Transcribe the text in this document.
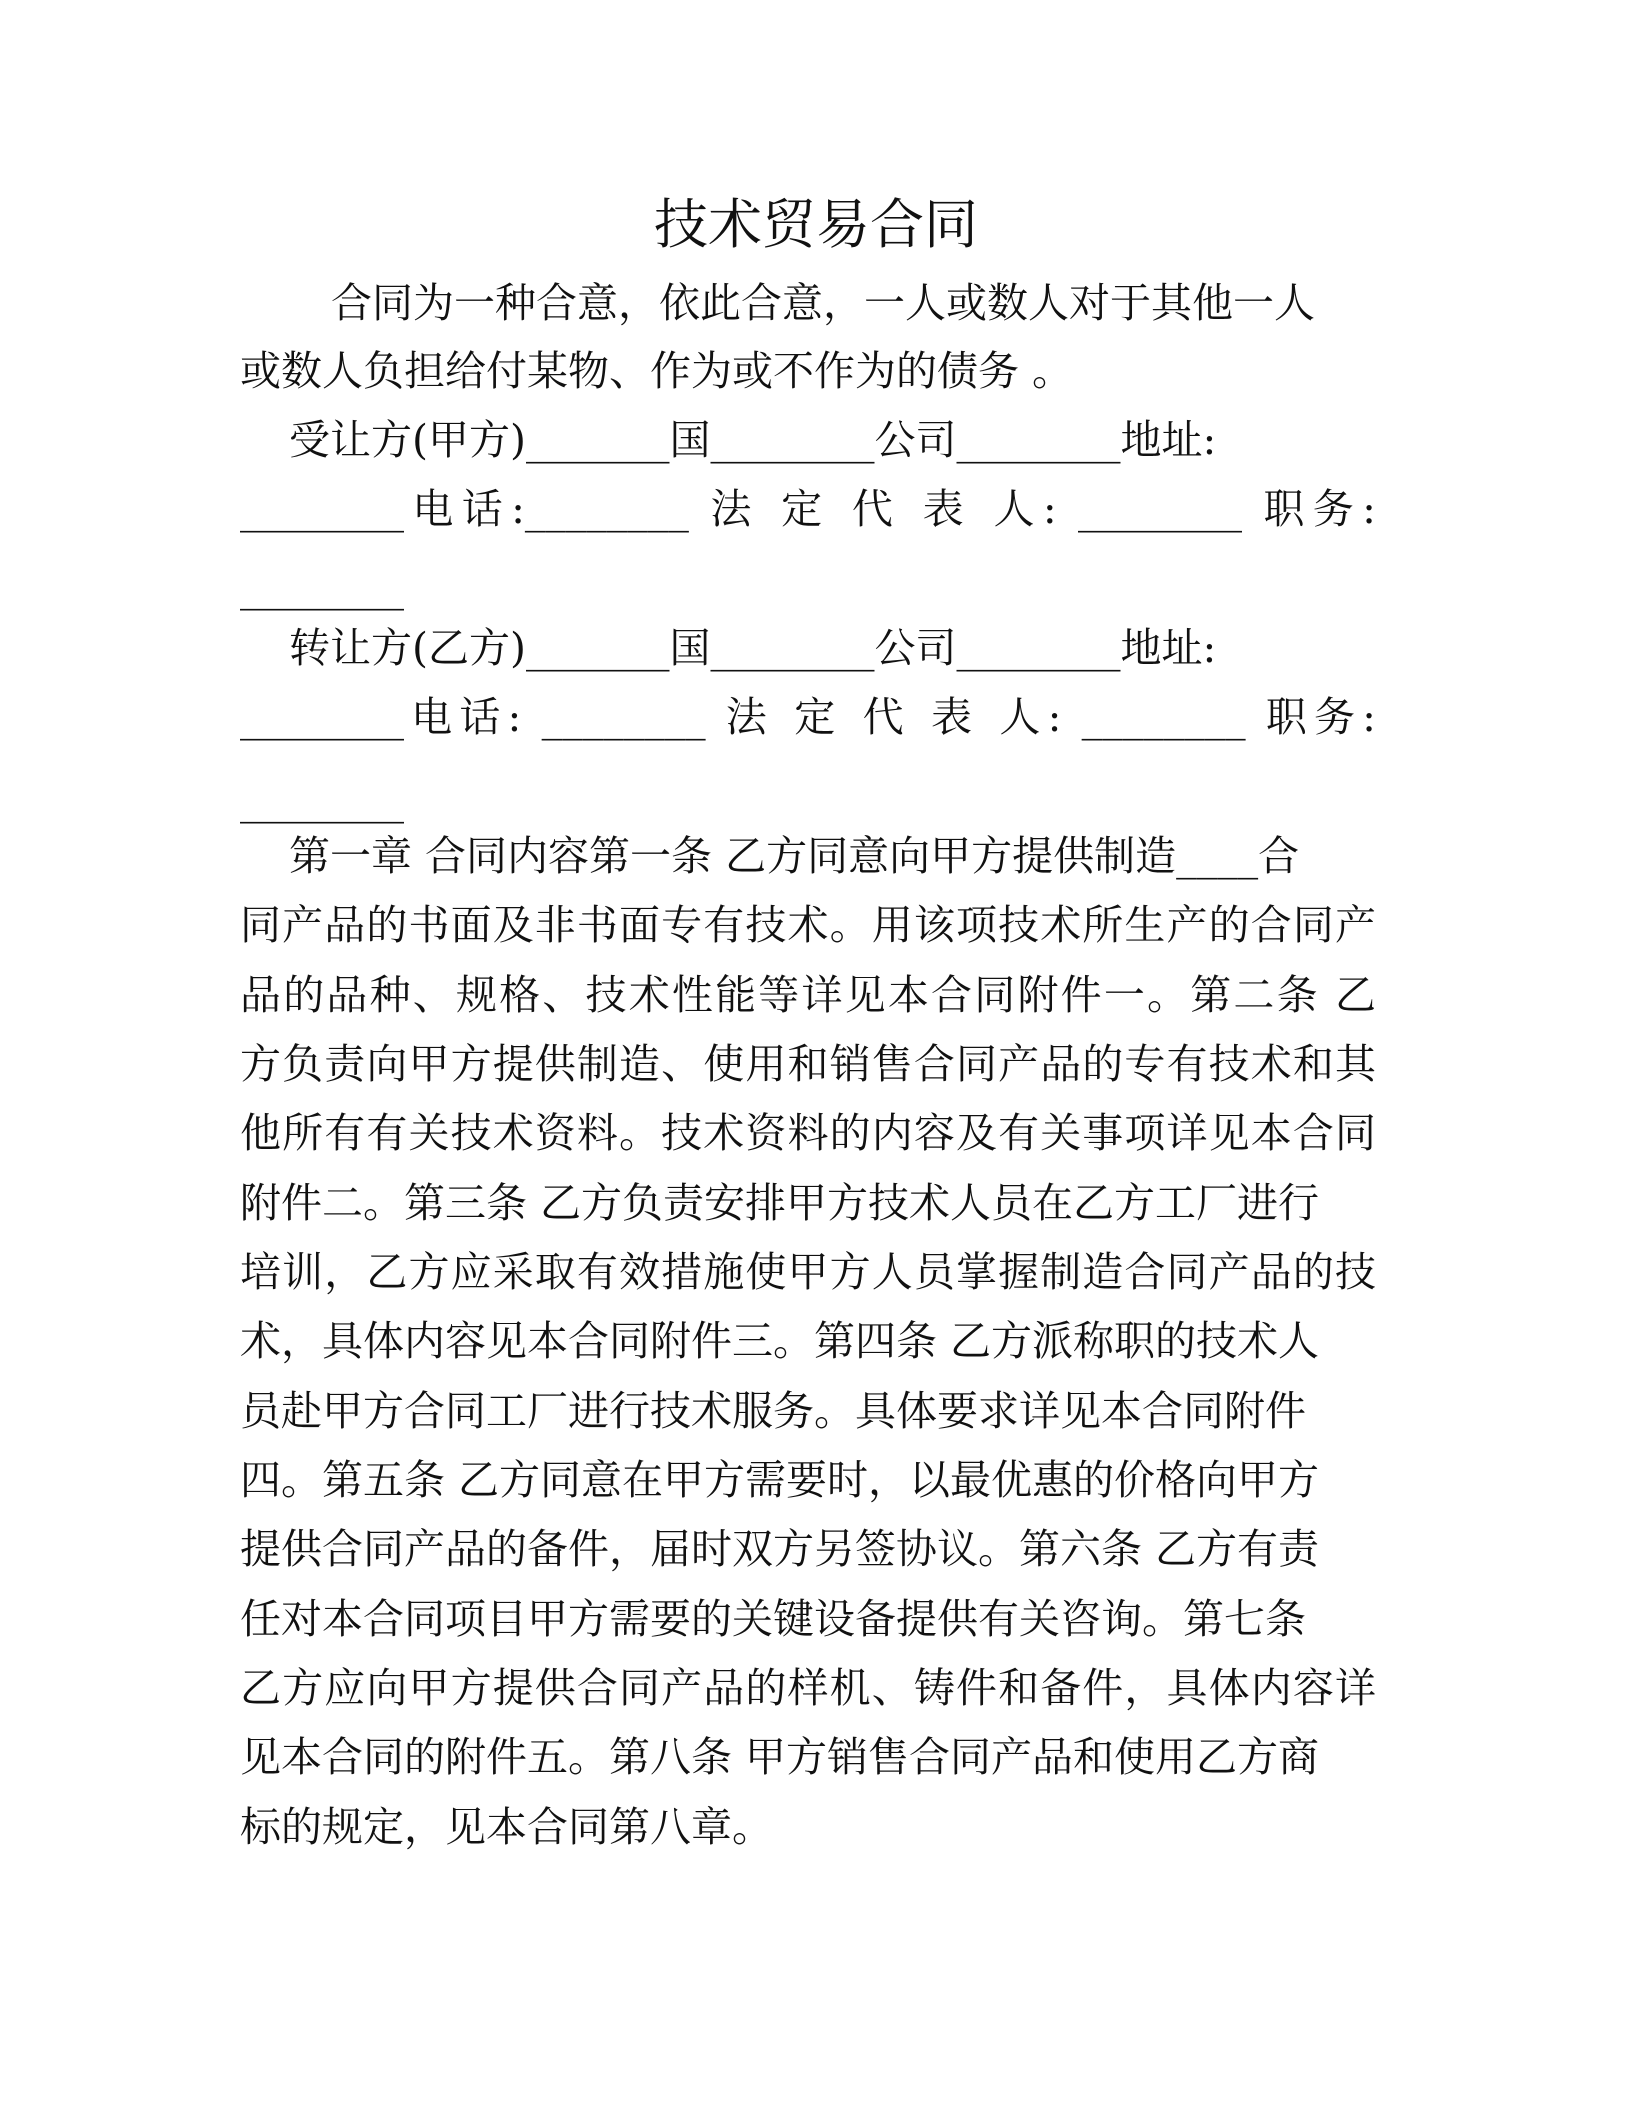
技术贸易合同
合同为一种合意，依此合意，一人或数人对于其他一人
或数人负担给付某物、作为或不作为的债务 。
受让方(甲方)_______国________公司________地址:
________电话:________ 法 定 代 表 人: ________ 职务:
________
转让方(乙方)_______国________公司________地址:
________电话: ________ 法 定 代 表 人: ________ 职务:
________
第一章 合同内容第一条 乙方同意向甲方提供制造____合
同产品的书面及非书面专有技术。用该项技术所生产的合同产
品的品种、规格、技术性能等详见本合同附件一。第二条 乙
方负责向甲方提供制造、使用和销售合同产品的专有技术和其
他所有有关技术资料。技术资料的内容及有关事项详见本合同
附件二。第三条 乙方负责安排甲方技术人员在乙方工厂进行
培训，乙方应采取有效措施使甲方人员掌握制造合同产品的技
术，具体内容见本合同附件三。第四条 乙方派称职的技术人
员赴甲方合同工厂进行技术服务。具体要求详见本合同附件
四。第五条 乙方同意在甲方需要时，以最优惠的价格向甲方
提供合同产品的备件，届时双方另签协议。第六条 乙方有责
任对本合同项目甲方需要的关键设备提供有关咨询。第七条
乙方应向甲方提供合同产品的样机、铸件和备件，具体内容详
见本合同的附件五。第八条 甲方销售合同产品和使用乙方商
标的规定，见本合同第八章。
